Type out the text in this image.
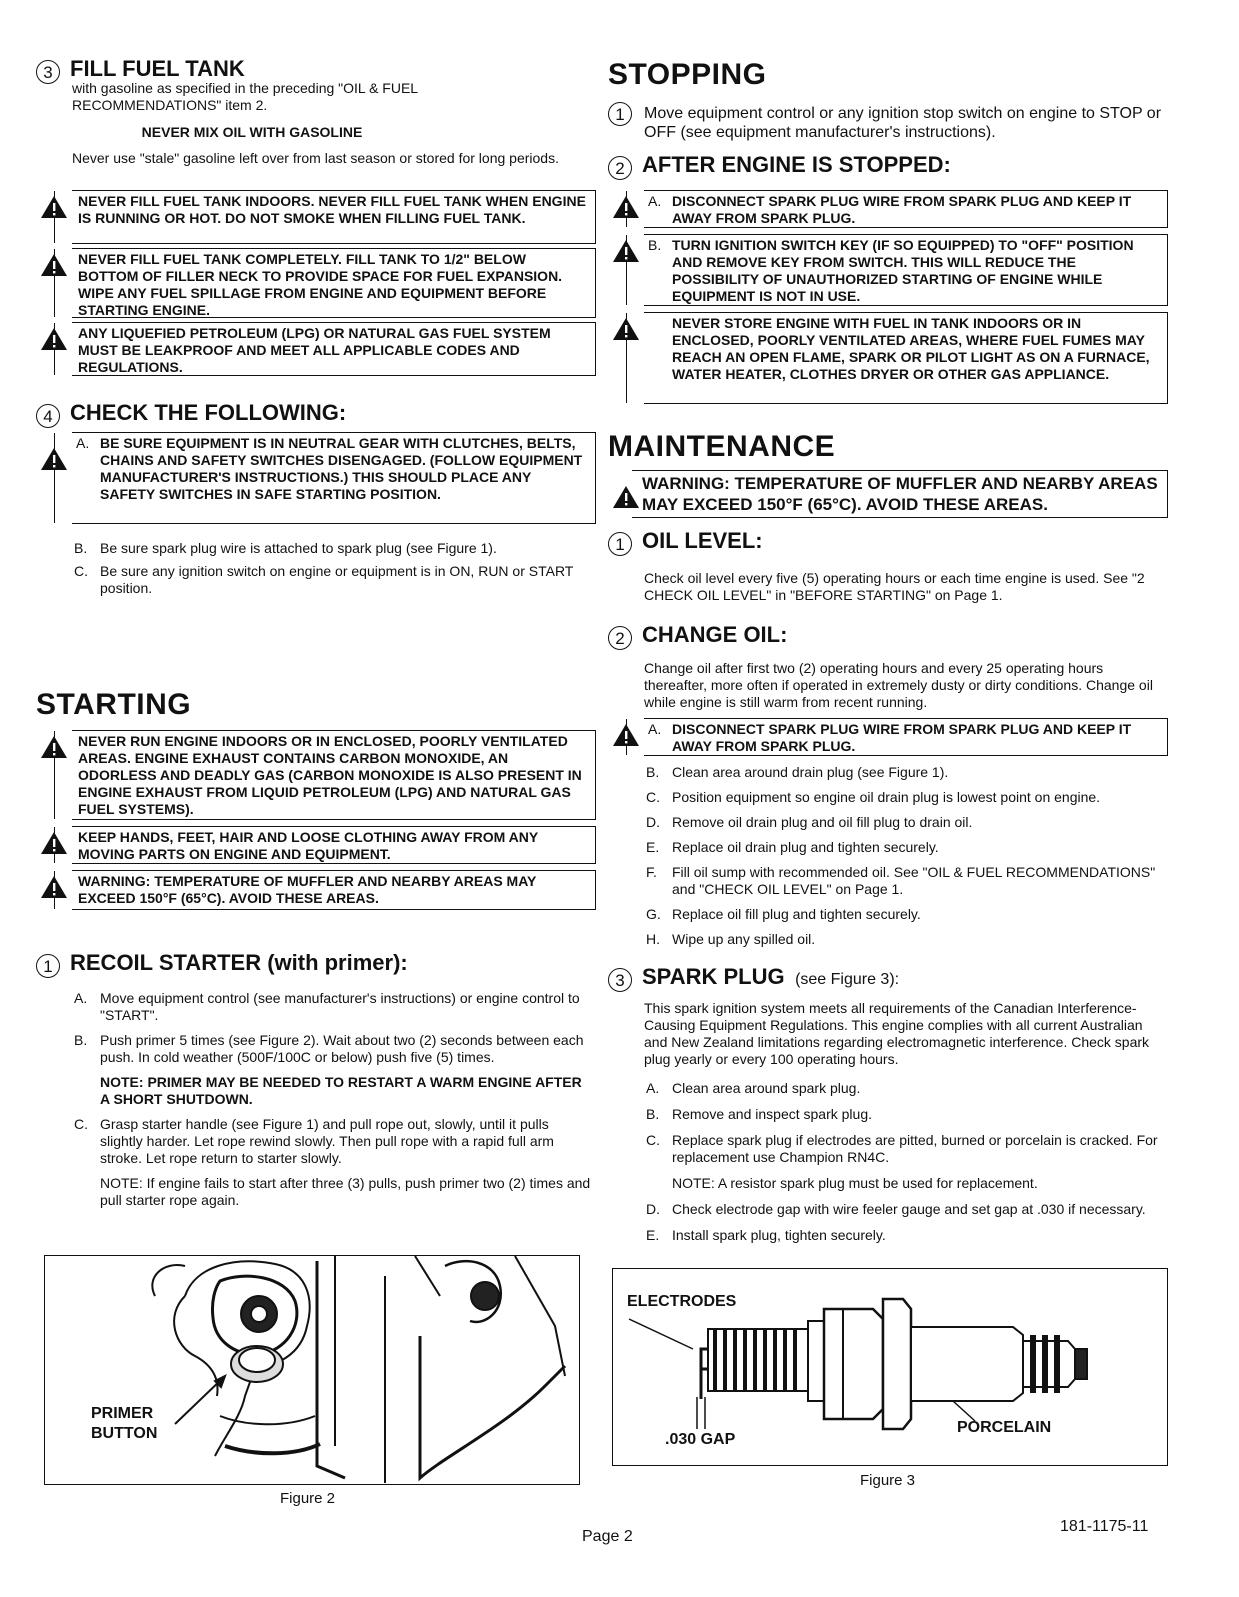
3 FILL FUEL TANK
with gasoline as specified in the preceding "OIL & FUEL RECOMMENDATIONS" item 2.
NEVER MIX OIL WITH GASOLINE
Never use "stale" gasoline left over from last season or stored for long periods.
NEVER FILL FUEL TANK INDOORS. NEVER FILL FUEL TANK WHEN ENGINE IS RUNNING OR HOT. DO NOT SMOKE WHEN FILLING FUEL TANK.
NEVER FILL FUEL TANK COMPLETELY. FILL TANK TO 1/2" BELOW BOTTOM OF FILLER NECK TO PROVIDE SPACE FOR FUEL EXPANSION. WIPE ANY FUEL SPILLAGE FROM ENGINE AND EQUIPMENT BEFORE STARTING ENGINE.
ANY LIQUEFIED PETROLEUM (LPG) OR NATURAL GAS FUEL SYSTEM MUST BE LEAKPROOF AND MEET ALL APPLICABLE CODES AND REGULATIONS.
4 CHECK THE FOLLOWING:
A. BE SURE EQUIPMENT IS IN NEUTRAL GEAR WITH CLUTCHES, BELTS, CHAINS AND SAFETY SWITCHES DISENGAGED. (FOLLOW EQUIPMENT MANUFACTURER'S INSTRUCTIONS.) THIS SHOULD PLACE ANY SAFETY SWITCHES IN SAFE STARTING POSITION.
B. Be sure spark plug wire is attached to spark plug (see Figure 1).
C. Be sure any ignition switch on engine or equipment is in ON, RUN or START position.
STARTING
NEVER RUN ENGINE INDOORS OR IN ENCLOSED, POORLY VENTILATED AREAS. ENGINE EXHAUST CONTAINS CARBON MONOXIDE, AN ODORLESS AND DEADLY GAS (CARBON MONOXIDE IS ALSO PRESENT IN ENGINE EXHAUST FROM LIQUID PETROLEUM (LPG) AND NATURAL GAS FUEL SYSTEMS).
KEEP HANDS, FEET, HAIR AND LOOSE CLOTHING AWAY FROM ANY MOVING PARTS ON ENGINE AND EQUIPMENT.
WARNING: TEMPERATURE OF MUFFLER AND NEARBY AREAS MAY EXCEED 150°F (65°C). AVOID THESE AREAS.
1 RECOIL STARTER (with primer):
A. Move equipment control (see manufacturer's instructions) or engine control to "START".
B. Push primer 5 times (see Figure 2). Wait about two (2) seconds between each push. In cold weather (500F/100C or below) push five (5) times.
NOTE: PRIMER MAY BE NEEDED TO RESTART A WARM ENGINE AFTER A SHORT SHUTDOWN.
C. Grasp starter handle (see Figure 1) and pull rope out, slowly, until it pulls slightly harder. Let rope rewind slowly. Then pull rope with a rapid full arm stroke. Let rope return to starter slowly.
NOTE: If engine fails to start after three (3) pulls, push primer two (2) times and pull starter rope again.
PRIMER
BUTTON
Figure 2
STOPPING
1	Move equipment control or any ignition stop switch on engine to STOP or OFF (see equipment manufacturer's instructions).
2 AFTER ENGINE IS STOPPED:
A. DISCONNECT SPARK PLUG WIRE FROM SPARK PLUG AND KEEP IT AWAY FROM SPARK PLUG.
B. TURN IGNITION SWITCH KEY (IF SO EQUIPPED) TO "OFF" POSITION AND REMOVE KEY FROM SWITCH. THIS WILL REDUCE THE POSSIBILITY OF UNAUTHORIZED STARTING OF ENGINE WHILE EQUIPMENT IS NOT IN USE.
NEVER STORE ENGINE WITH FUEL IN TANK INDOORS OR IN ENCLOSED, POORLY VENTILATED AREAS, WHERE FUEL FUMES MAY REACH AN OPEN FLAME, SPARK OR PILOT LIGHT AS ON A FURNACE, WATER HEATER, CLOTHES DRYER OR OTHER GAS APPLIANCE.
MAINTENANCE
WARNING: TEMPERATURE OF MUFFLER AND NEARBY AREAS MAY EXCEED 150°F (65°C). AVOID THESE AREAS.
1 OIL LEVEL:
Check oil level every five (5) operating hours or each time engine is used. See "2 CHECK OIL LEVEL" in "BEFORE STARTING" on Page 1.
2 CHANGE OIL:
Change oil after first two (2) operating hours and every 25 operating hours thereafter, more often if operated in extremely dusty or dirty conditions. Change oil while engine is still warm from recent running.
A. DISCONNECT SPARK PLUG WIRE FROM SPARK PLUG AND KEEP IT AWAY FROM SPARK PLUG.
B. Clean area around drain plug (see Figure 1).
C. Position equipment so engine oil drain plug is lowest point on engine.
D. Remove oil drain plug and oil fill plug to drain oil.
E. Replace oil drain plug and tighten securely.
F. Fill oil sump with recommended oil. See "OIL & FUEL RECOMMENDATIONS" and "CHECK OIL LEVEL" on Page 1.
G. Replace oil fill plug and tighten securely.
H. Wipe up any spilled oil.
3 SPARK PLUG (see Figure 3):
This spark ignition system meets all requirements of the Canadian Interference-Causing Equipment Regulations. This engine complies with all current Australian and New Zealand limitations regarding electromagnetic interference. Check spark plug yearly or every 100 operating hours.
A. Clean area around spark plug.
B. Remove and inspect spark plug.
C. Replace spark plug if electrodes are pitted, burned or porcelain is cracked. For replacement use Champion RN4C.
NOTE: A resistor spark plug must be used for replacement.
D. Check electrode gap with wire feeler gauge and set gap at .030 if necessary.
E. Install spark plug, tighten securely.
ELECTRODES
.030 GAP
PORCELAIN
Figure 3
Page 2
181-1175-11
